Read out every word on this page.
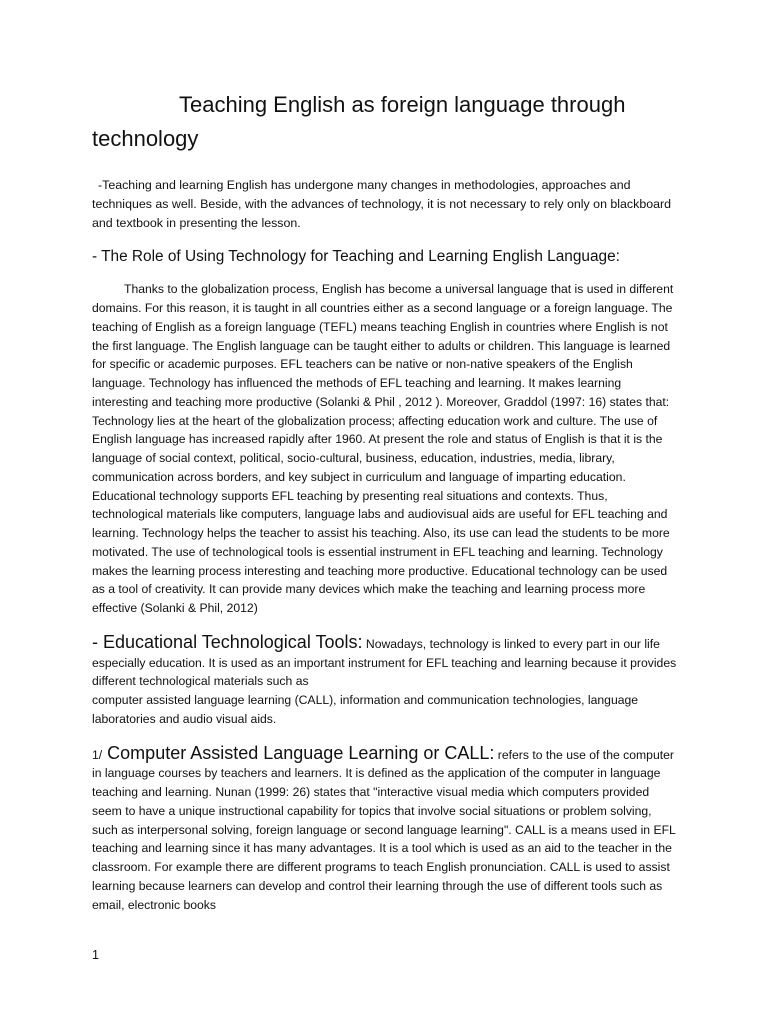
Teaching English as foreign language through technology

-Teaching and learning English has undergone many changes in methodologies, approaches and techniques as well. Beside, with the advances of technology, it is not necessary to rely only on blackboard and textbook in presenting the lesson.

- The Role of Using Technology for Teaching and Learning English Language:

Thanks to the globalization process, English has become a universal language that is used in different domains. For this reason, it is taught in all countries either as a second language or a foreign language. The teaching of English as a foreign language (TEFL) means teaching English in countries where English is not the first language. The English language can be taught either to adults or children. This language is learned for specific or academic purposes. EFL teachers can be native or non-native speakers of the English language. Technology has influenced the methods of EFL teaching and learning. It makes learning interesting and teaching more productive (Solanki & Phil , 2012 ). Moreover, Graddol (1997: 16) states that: Technology lies at the heart of the globalization process; affecting education work and culture. The use of English language has increased rapidly after 1960. At present the role and status of English is that it is the language of social context, political, socio-cultural, business, education, industries, media, library, communication across borders, and key subject in curriculum and language of imparting education. Educational technology supports EFL teaching by presenting real situations and contexts. Thus, technological materials like computers, language labs and audiovisual aids are useful for EFL teaching and learning. Technology helps the teacher to assist his teaching. Also, its use can lead the students to be more motivated. The use of technological tools is essential instrument in EFL teaching and learning. Technology makes the learning process interesting and teaching more productive. Educational technology can be used as a tool of creativity. It can provide many devices which make the teaching and learning process more effective (Solanki & Phil, 2012)

- Educational Technological Tools: Nowadays, technology is linked to every part in our life especially education. It is used as an important instrument for EFL teaching and learning because it provides different technological materials such as
computer assisted language learning (CALL), information and communication technologies, language laboratories and audio visual aids.

1/ Computer Assisted Language Learning or CALL: refers to the use of the computer in language courses by teachers and learners. It is defined as the application of the computer in language teaching and learning. Nunan (1999: 26) states that "interactive visual media which computers provided seem to have a unique instructional capability for topics that involve social situations or problem solving, such as interpersonal solving, foreign language or second language learning". CALL is a means used in EFL teaching and learning since it has many advantages. It is a tool which is used as an aid to the teacher in the classroom. For example there are different programs to teach English pronunciation. CALL is used to assist learning because learners can develop and control their learning through the use of different tools such as email, electronic books

1
